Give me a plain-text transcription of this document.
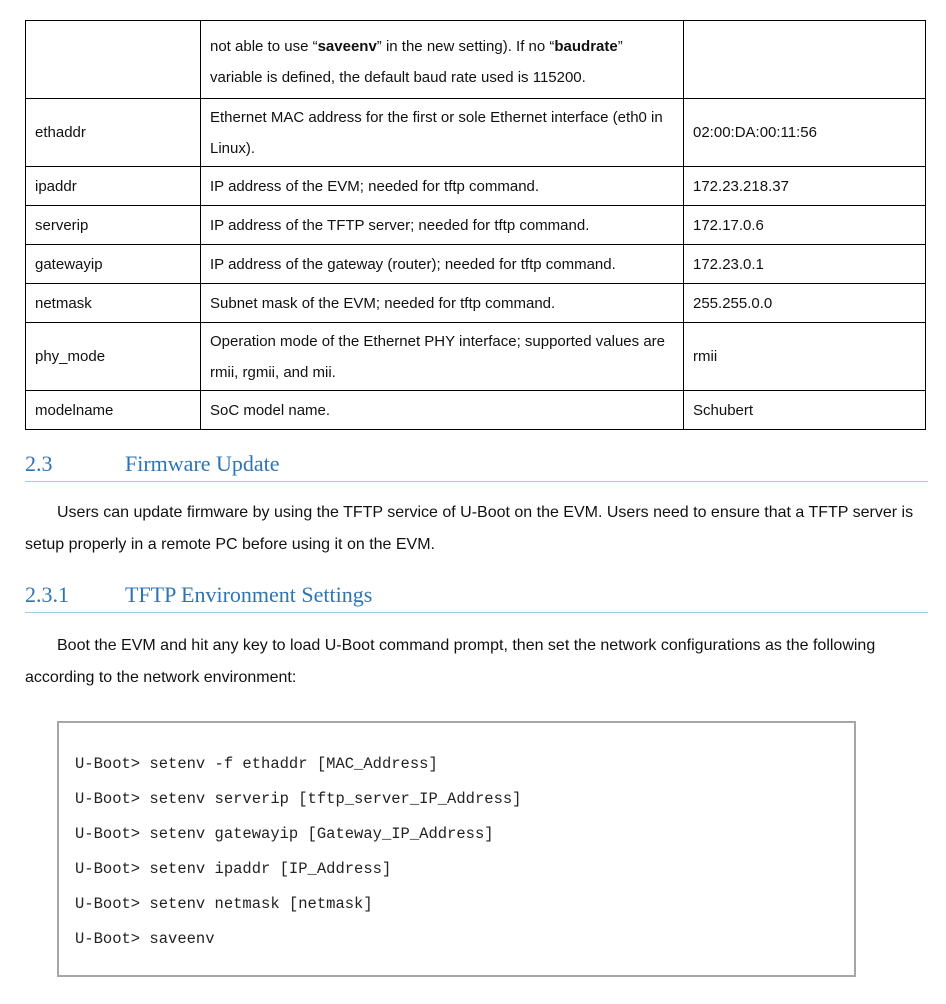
	not able to use “saveenv” in the new setting). If no “baudrate” variable is defined, the default baud rate used is 115200.	
ethaddr	Ethernet MAC address for the first or sole Ethernet interface (eth0 in Linux).	02:00:DA:00:11:56
ipaddr	IP address of the EVM; needed for tftp command.	172.23.218.37
serverip	IP address of the TFTP server; needed for tftp command.	172.17.0.6
gatewayip	IP address of the gateway (router); needed for tftp command.	172.23.0.1
netmask	Subnet mask of the EVM; needed for tftp command.	255.255.0.0
phy_mode	Operation mode of the Ethernet PHY interface; supported values are rmii, rgmii, and mii.	rmii
modelname	SoC model name.	Schubert
2.3	Firmware Update
Users can update firmware by using the TFTP service of U-Boot on the EVM. Users need to ensure that a TFTP server is setup properly in a remote PC before using it on the EVM.
2.3.1	TFTP Environment Settings
Boot the EVM and hit any key to load U-Boot command prompt, then set the network configurations as the following according to the network environment:
U-Boot> setenv -f ethaddr [MAC_Address]
U-Boot> setenv serverip [tftp_server_IP_Address]
U-Boot> setenv gatewayip [Gateway_IP_Address]
U-Boot> setenv ipaddr [IP_Address]
U-Boot> setenv netmask [netmask]
U-Boot> saveenv
